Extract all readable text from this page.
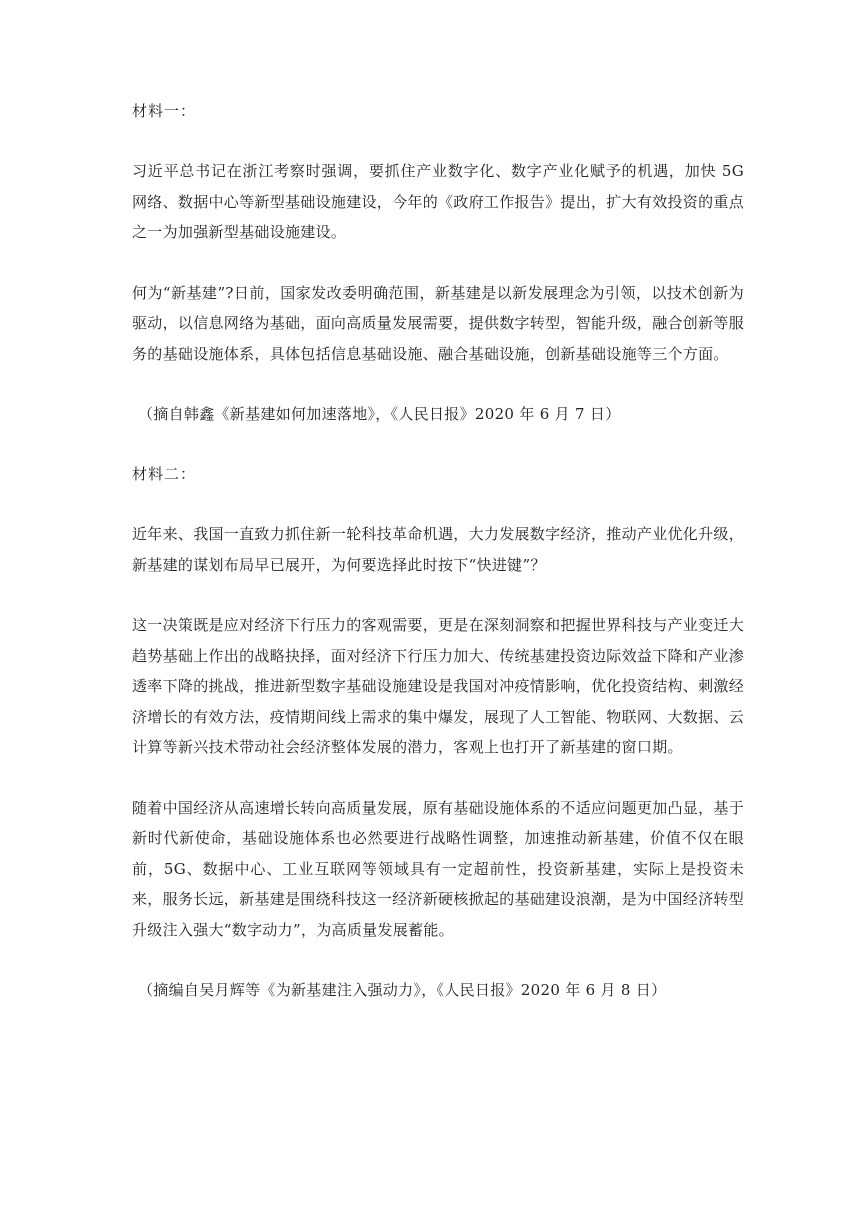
材料一：

习近平总书记在浙江考察时强调，要抓住产业数字化、数字产业化赋予的机遇，加快 5G 网络、数据中心等新型基础设施建设，今年的《政府工作报告》提出，扩大有效投资的重点之一为加强新型基础设施建设。

何为“新基建”?日前，国家发改委明确范围，新基建是以新发展理念为引领，以技术创新为驱动，以信息网络为基础，面向高质量发展需要，提供数字转型，智能升级，融合创新等服务的基础设施体系，具体包括信息基础设施、融合基础设施，创新基础设施等三个方面。

（摘自韩鑫《新基建如何加速落地》，《人民日报》2020 年 6 月 7 日）

材料二：

近年来、我国一直致力抓住新一轮科技革命机遇，大力发展数字经济，推动产业优化升级，新基建的谋划布局早已展开，为何要选择此时按下“快进键”？

这一决策既是应对经济下行压力的客观需要，更是在深刻洞察和把握世界科技与产业变迁大趋势基础上作出的战略抉择，面对经济下行压力加大、传统基建投资边际效益下降和产业渗透率下降的挑战，推进新型数字基础设施建设是我国对冲疫情影响，优化投资结构、刺激经济增长的有效方法，疫情期间线上需求的集中爆发，展现了人工智能、物联网、大数据、云计算等新兴技术带动社会经济整体发展的潜力，客观上也打开了新基建的窗口期。

随着中国经济从高速增长转向高质量发展，原有基础设施体系的不适应问题更加凸显，基于新时代新使命，基础设施体系也必然要进行战略性调整，加速推动新基建，价值不仅在眼前，5G、数据中心、工业互联网等领域具有一定超前性，投资新基建，实际上是投资未来，服务长远，新基建是围绕科技这一经济新硬核掀起的基础建设浪潮，是为中国经济转型升级注入强大“数字动力”，为高质量发展蓄能。

（摘编自吴月辉等《为新基建注入强动力》，《人民日报》2020 年 6 月 8 日）
